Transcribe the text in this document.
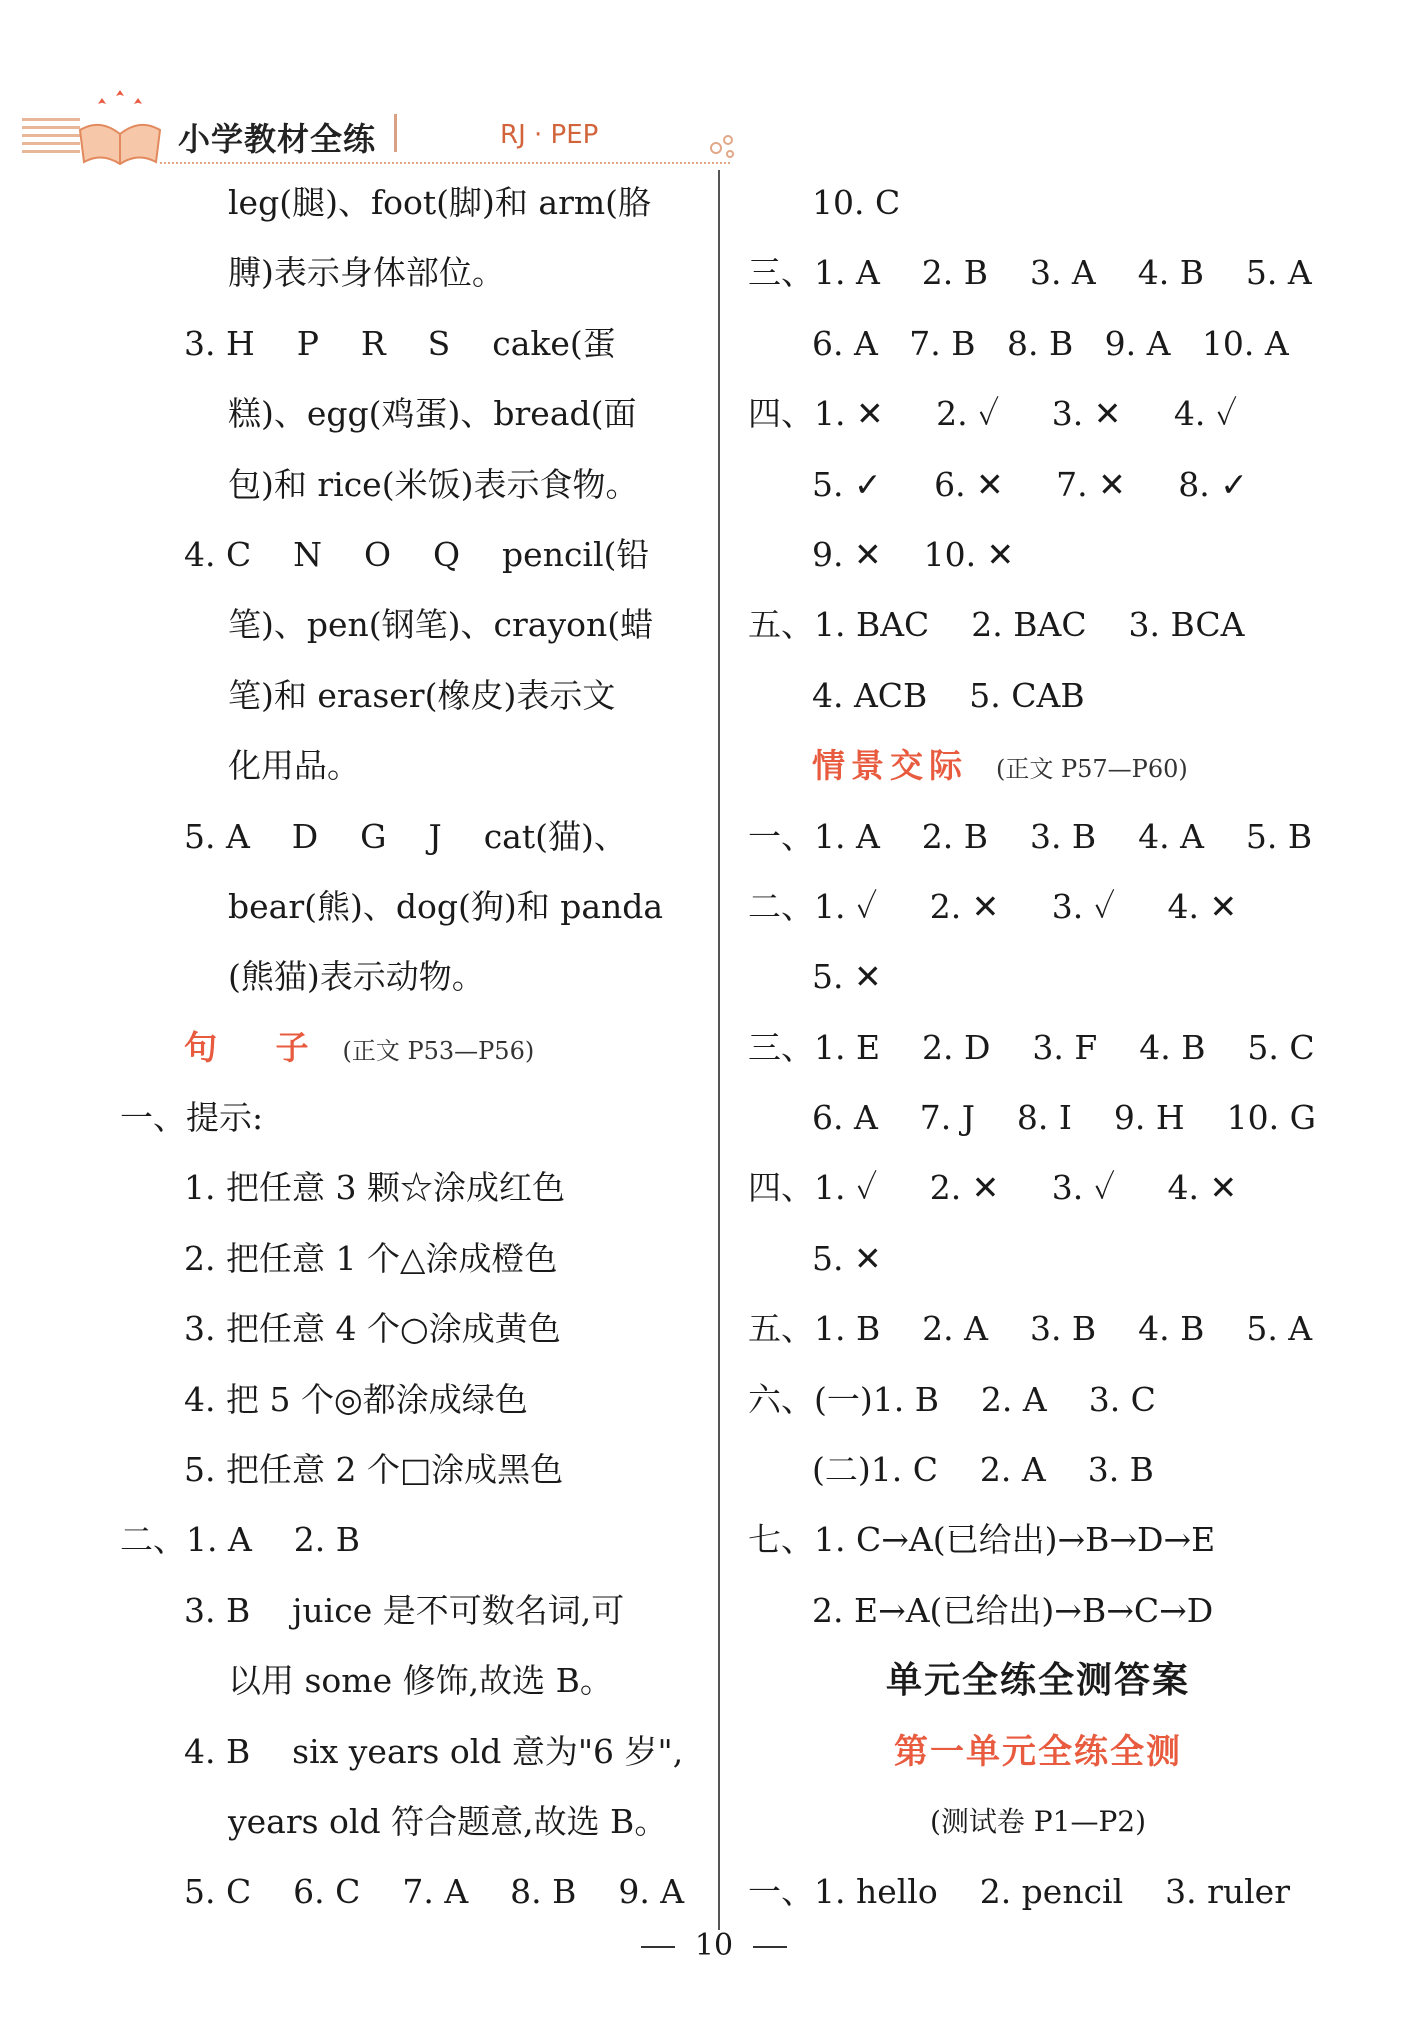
小学教材全练	RJ · PEP
leg(腿)、foot(脚)和 arm(胳
膊)表示身体部位。
3. H    P    R    S    cake(蛋
糕)、egg(鸡蛋)、bread(面
包)和 rice(米饭)表示食物。
4. C    N    O    Q    pencil(铅
笔)、pen(钢笔)、crayon(蜡
笔)和 eraser(橡皮)表示文
化用品。
5. A    D    G    J    cat(猫)、
bear(熊)、dog(狗)和 panda
(熊猫)表示动物。
句   子 (正文 P53—P56)
一、提示:
1. 把任意 3 颗☆涂成红色
2. 把任意 1 个△涂成橙色
3. 把任意 4 个○涂成黄色
4. 把 5 个◎都涂成绿色
5. 把任意 2 个□涂成黑色
二、1. A    2. B
3. B    juice 是不可数名词,可
以用 some 修饰,故选 B。
4. B    six years old 意为"6 岁",
years old 符合题意,故选 B。
5. C    6. C    7. A    8. B    9. A
10. C
三、1. A    2. B    3. A    4. B    5. A
6. A   7. B   8. B   9. A   10. A
四、1. ✕     2. ✓     3. ✕     4. ✓
5. ✓     6. ✕     7. ✕     8. ✓
9. ✕    10. ✕
五、1. BAC    2. BAC    3. BCA
4. ACB    5. CAB
情景交际 (正文 P57—P60)
一、1. A    2. B    3. B    4. A    5. B
二、1. ✓     2. ✕     3. ✓     4. ✕
5. ✕
三、1. E    2. D    3. F    4. B    5. C
6. A    7. J    8. I    9. H    10. G
四、1. ✓     2. ✕     3. ✓     4. ✕
5. ✕
五、1. B    2. A    3. B    4. B    5. A
六、(一)1. B    2. A    3. C
(二)1. C    2. A    3. B
七、1. C→A(已给出)→B→D→E
2. E→A(已给出)→B→C→D
单元全练全测答案
第一单元全练全测
(测试卷 P1—P2)
一、1. hello    2. pencil    3. ruler
10
